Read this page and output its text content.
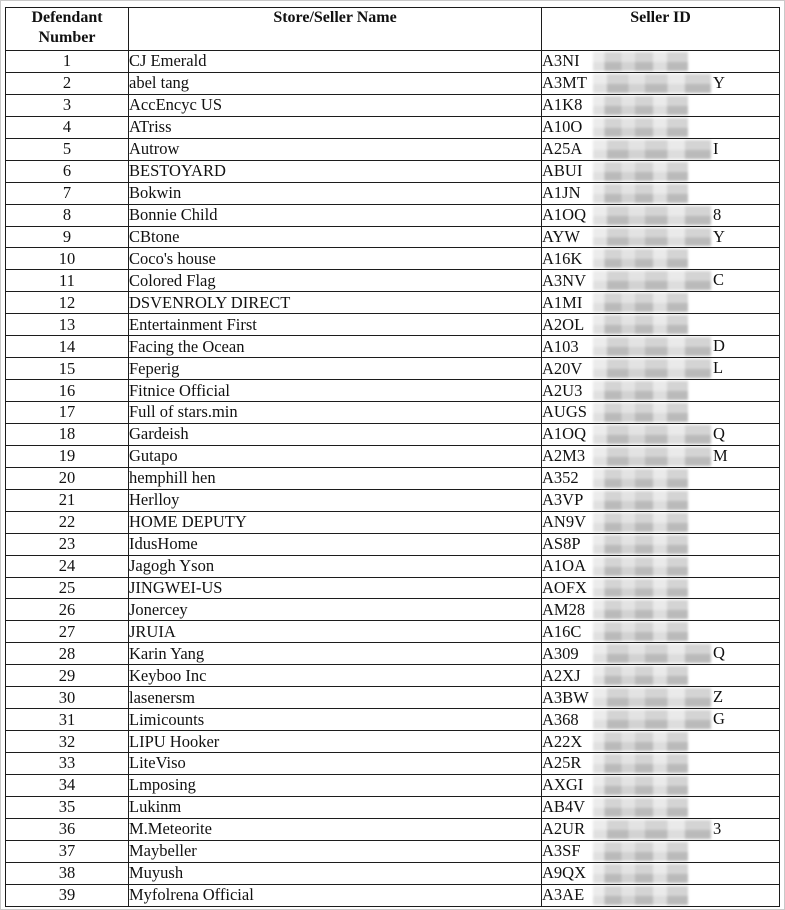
Defendant Number	Store/Seller Name	Seller ID
1	CJ Emerald	A3NI

2	abel tang	A3MT Y

3	AccEncyc US	A1K8

4	ATriss	A10O

5	Autrow	A25A I

6	BESTOYARD	ABUI

7	Bokwin	A1JN

8	Bonnie Child	A1OQ 8

9	CBtone	AYW Y

10	Coco's house	A16K

11	Colored Flag	A3NV C

12	DSVENROLY DIRECT	A1MI

13	Entertainment First	A2OL

14	Facing the Ocean	A103 D

15	Feperig	A20V L

16	Fitnice Official	A2U3

17	Full of stars.min	AUGS

18	Gardeish	A1OQ Q

19	Gutapo	A2M3 M

20	hemphill hen	A352

21	Herlloy	A3VP

22	HOME DEPUTY	AN9V

23	IdusHome	AS8P

24	Jagogh Yson	A1OA

25	JINGWEI-US	AOFX

26	Jonercey	AM28

27	JRUIA	A16C

28	Karin Yang	A309 Q

29	Keyboo Inc	A2XJ

30	lasenersm	A3BW Z

31	Limicounts	A368 G

32	LIPU Hooker	A22X

33	LiteViso	A25R

34	Lmposing	AXGI

35	Lukinm	AB4V

36	M.Meteorite	A2UR 3

37	Maybeller	A3SF

38	Muyush	A9QX

39	Myfolrena Official	A3AE
